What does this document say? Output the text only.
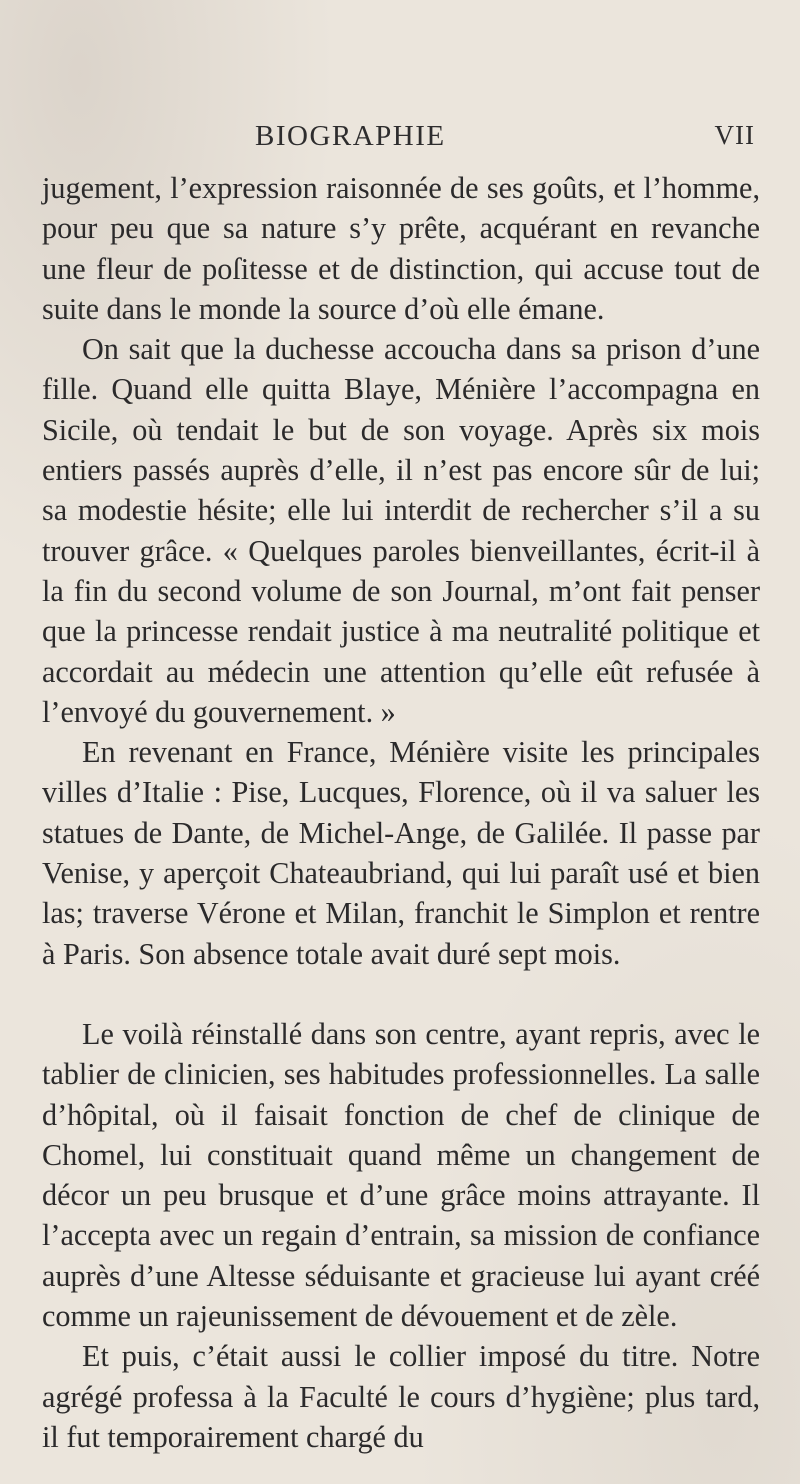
BIOGRAPHIE	VII

jugement, l’expression raisonnée de ses goûts, et l’homme, pour peu que sa nature s’y prête, acquérant en revanche une fleur de poſitesse et de distinction, qui accuse tout de suite dans le monde la source d’où elle émane.

On sait que la duchesse accoucha dans sa prison d’une fille. Quand elle quitta Blaye, Ménière l’accompagna en Sicile, où tendait le but de son voyage. Après six mois entiers passés auprès d’elle, il n’est pas encore sûr de lui; sa modestie hésite; elle lui interdit de rechercher s’il a su trouver grâce. « Quelques paroles bienveillantes, écrit-il à la fin du second volume de son Journal, m’ont fait penser que la princesse rendait justice à ma neutralité politique et accordait au médecin une attention qu’elle eût refusée à l’envoyé du gouvernement. »

En revenant en France, Ménière visite les principales villes d’Italie : Pise, Lucques, Florence, où il va saluer les statues de Dante, de Michel-Ange, de Galilée. Il passe par Venise, y aperçoit Chateaubriand, qui lui paraît usé et bien las; traverse Vérone et Milan, franchit le Simplon et rentre à Paris. Son absence totale avait duré sept mois.

Le voilà réinstallé dans son centre, ayant repris, avec le tablier de clinicien, ses habitudes professionnelles. La salle d’hôpital, où il faisait fonction de chef de clinique de Chomel, lui constituait quand même un changement de décor un peu brusque et d’une grâce moins attrayante. Il l’accepta avec un regain d’entrain, sa mission de confiance auprès d’une Altesse séduisante et gracieuse lui ayant créé comme un rajeunissement de dévouement et de zèle.

Et puis, c’était aussi le collier imposé du titre. Notre agrégé professa à la Faculté le cours d’hygiène; plus tard, il fut temporairement chargé du
